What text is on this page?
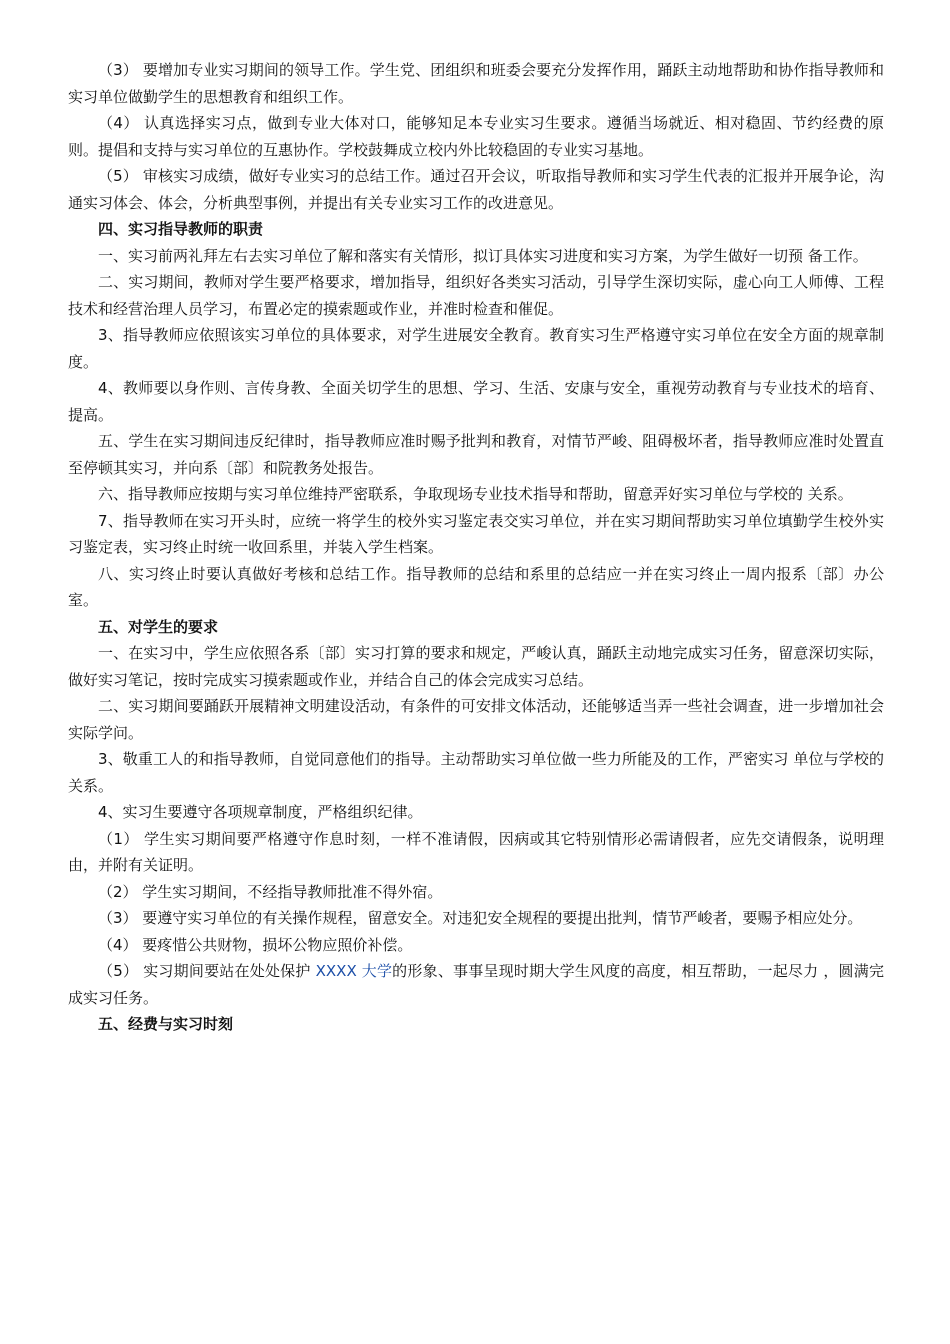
（3） 要增加专业实习期间的领导工作。学生党、团组织和班委会要充分发挥作用，踊跃主动地帮助和协作指导教师和实习单位做勤学生的思想教育和组织工作。

（4） 认真选择实习点，做到专业大体对口，能够知足本专业实习生要求。遵循当场就近、相对稳固、节约经费的原则。提倡和支持与实习单位的互惠协作。学校鼓舞成立校内外比较稳固的专业实习基地。

（5） 审核实习成绩，做好专业实习的总结工作。通过召开会议，听取指导教师和实习学生代表的汇报并开展争论，沟通实习体会、体会，分析典型事例，并提出有关专业实习工作的改进意见。

四、实习指导教师的职责

一、实习前两礼拜左右去实习单位了解和落实有关情形，拟订具体实习进度和实习方案，为学生做好一切预 备工作。

二、实习期间，教师对学生要严格要求，增加指导，组织好各类实习活动，引导学生深切实际，虚心向工人师傅、工程技术和经营治理人员学习，布置必定的摸索题或作业，并准时检查和催促。

3、指导教师应依照该实习单位的具体要求，对学生进展安全教育。教育实习生严格遵守实习单位在安全方面的规章制度。

4、教师要以身作则、言传身教、全面关切学生的思想、学习、生活、安康与安全，重视劳动教育与专业技术的培育、提高。

五、学生在实习期间违反纪律时，指导教师应准时赐予批判和教育，对情节严峻、阻碍极坏者，指导教师应准时处置直至停顿其实习，并向系〔部〕和院教务处报告。

六、指导教师应按期与实习单位维持严密联系，争取现场专业技术指导和帮助，留意弄好实习单位与学校的 关系。

7、指导教师在实习开头时，应统一将学生的校外实习鉴定表交实习单位，并在实习期间帮助实习单位填勤学生校外实习鉴定表，实习终止时统一收回系里，并装入学生档案。

八、实习终止时要认真做好考核和总结工作。指导教师的总结和系里的总结应一并在实习终止一周内报系〔部〕办公室。

五、对学生的要求

一、在实习中，学生应依照各系〔部〕实习打算的要求和规定，严峻认真，踊跃主动地完成实习任务，留意深切实际，做好实习笔记，按时完成实习摸索题或作业，并结合自己的体会完成实习总结。

二、实习期间要踊跃开展精神文明建设活动，有条件的可安排文体活动，还能够适当弄一些社会调查，进一步增加社会实际学问。

3、敬重工人的和指导教师，自觉同意他们的指导。主动帮助实习单位做一些力所能及的工作，严密实习 单位与学校的关系。

4、实习生要遵守各项规章制度，严格组织纪律。

（1） 学生实习期间要严格遵守作息时刻，一样不准请假，因病或其它特别情形必需请假者，应先交请假条，说明理由，并附有关证明。

（2） 学生实习期间，不经指导教师批准不得外宿。

（3） 要遵守实习单位的有关操作规程，留意安全。对违犯安全规程的要提出批判，情节严峻者，要赐予相应处分。

（4） 要疼惜公共财物，损坏公物应照价补偿。

（5） 实习期间要站在处处保护 XXXX 大学的形象、事事呈现时期大学生风度的高度，相互帮助，一起尽力 ，圆满完成实习任务。

五、经费与实习时刻
